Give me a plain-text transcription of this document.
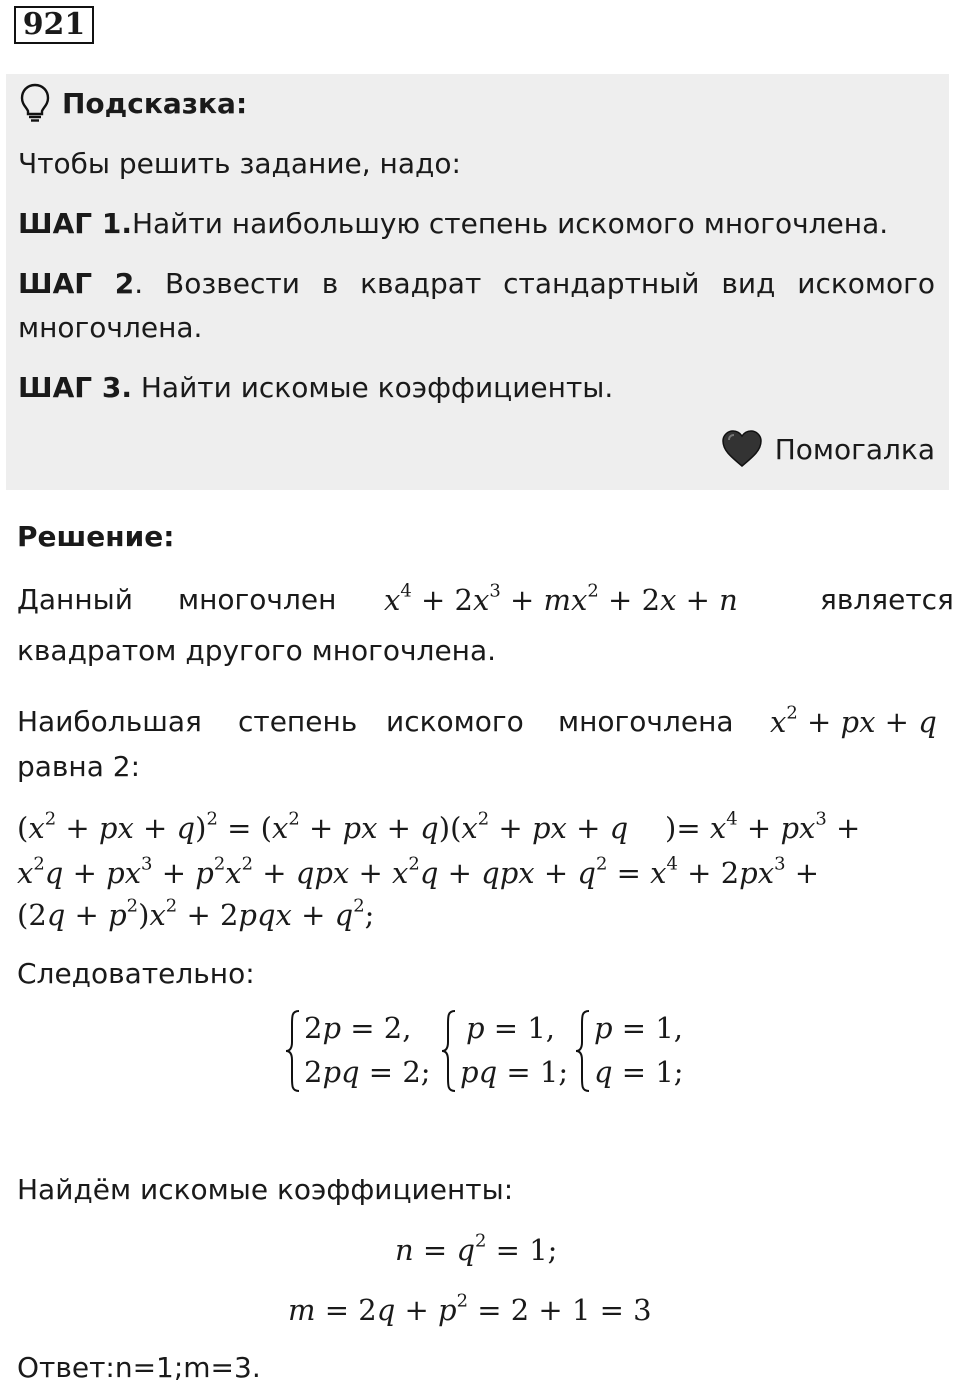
921
Подсказка:
Чтобы решить задание, надо:
ШАГ 1.Найти наибольшую степень искомого многочлена.
ШАГ 2. Возвести в квадрат стандартный вид искомого
многочлена.
ШАГ 3. Найти искомые коэффициенты.
Помогалка
Решение:
Данный многочлен $x^4 + 2x^3 + mx^2 + 2x + n$	является
квадратом другого многочлена.
Наибольшая степень искомого многочлена $x^2$ + px + q
равна 2:
($x^2$ + px + $q)^2 = (x^2$ + px + $q)(x^2$ + px + q    )= $x^4 + px^3$ +
$x^2q + px^3 + p^2x^2$ + qpx + $x^2q$ + qpx + $q^2 = x^4 + 2px^3$ +
$(2q + p^2)x^2 + 2pqx + q^2$;
Следовательно:
2p = 2,
2pq = 2;
p = 1,
pq = 1;
p = 1,
q = 1;
Найдём искомые коэффициенты:
$n = q^2 = 1$;
$m = 2q + p^2 = 2 + 1 = 3$
Ответ:n=1;m=3.
